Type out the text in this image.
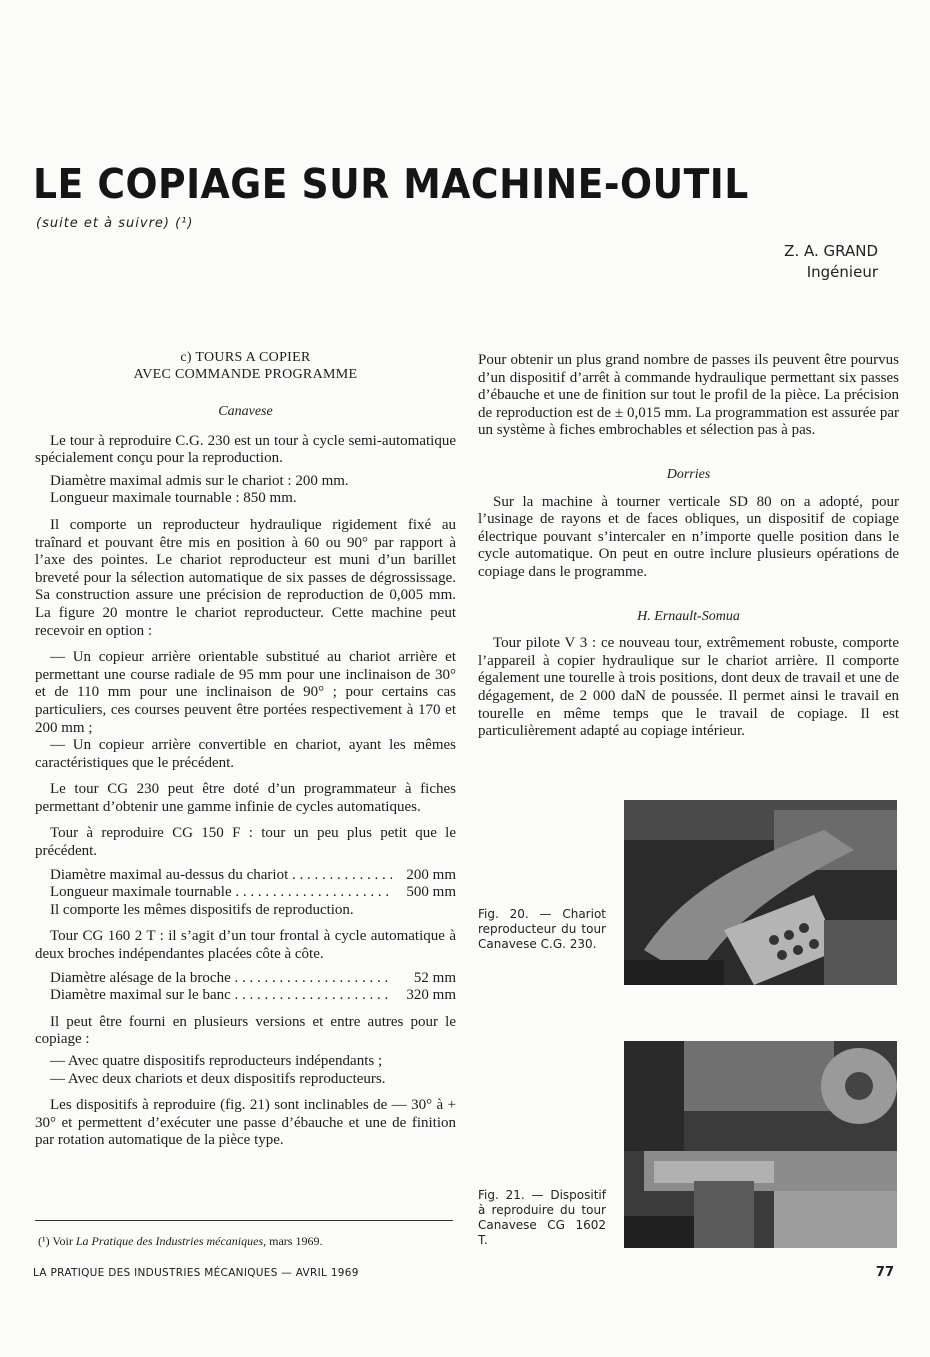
LE COPIAGE SUR MACHINE-OUTIL
(suite et à suivre) (¹)
Z. A. GRAND
Ingénieur

c) TOURS A COPIER
AVEC COMMANDE PROGRAMME

Canavese

Le tour à reproduire C.G. 230 est un tour à cycle semi-automatique spécialement conçu pour la reproduction.

Diamètre maximal admis sur le chariot : 200 mm.

Longueur maximale tournable : 850 mm.

Il comporte un reproducteur hydraulique rigidement fixé au traînard et pouvant être mis en position à 60 ou 90° par rapport à l’axe des pointes. Le chariot reproducteur est muni d’un barillet breveté pour la sélection automatique de six passes de dégrossissage. Sa construction assure une précision de reproduction de 0,005 mm. La figure 20 montre le chariot reproducteur. Cette machine peut recevoir en option :

— Un copieur arrière orientable substitué au chariot arrière et permettant une course radiale de 95 mm pour une inclinaison de 30° et de 110 mm pour une inclinaison de 90° ; pour certains cas particuliers, ces courses peuvent être portées respectivement à 170 et 200 mm ;

— Un copieur arrière convertible en chariot, ayant les mêmes caractéristiques que le précédent.

Le tour CG 230 peut être doté d’un programmateur à fiches permettant d’obtenir une gamme infinie de cycles automatiques.

Tour à reproduire CG 150 F : tour un peu plus petit que le précédent.

Diamètre maximal au-dessus du chariot . . .	200 mm
Longueur maximale tournable . . .	500 mm

Il comporte les mêmes dispositifs de reproduction.

Tour CG 160 2 T : il s’agit d’un tour frontal à cycle automatique à deux broches indépendantes placées côte à côte.

Diamètre alésage de la broche . . .	52 mm
Diamètre maximal sur le banc . . .	320 mm

Il peut être fourni en plusieurs versions et entre autres pour le copiage :

— Avec quatre dispositifs reproducteurs indépendants ;

— Avec deux chariots et deux dispositifs reproducteurs.

Les dispositifs à reproduire (fig. 21) sont inclinables de — 30° à + 30° et permettent d’exécuter une passe d’ébauche et une de finition par rotation automatique de la pièce type.

Pour obtenir un plus grand nombre de passes ils peuvent être pourvus d’un dispositif d’arrêt à commande hydraulique permettant six passes d’ébauche et une de finition sur tout le profil de la pièce. La précision de reproduction est de ± 0,015 mm. La programmation est assurée par un système à fiches embrochables et sélection pas à pas.

Dorries

Sur la machine à tourner verticale SD 80 on a adopté, pour l’usinage de rayons et de faces obliques, un dispositif de copiage électrique pouvant s’intercaler en n’importe quelle position dans le cycle automatique. On peut en outre inclure plusieurs opérations de copiage dans le programme.

H. Ernault-Somua

Tour pilote V 3 : ce nouveau tour, extrêmement robuste, comporte l’appareil à copier hydraulique sur le chariot arrière. Il comporte également une tourelle à trois positions, dont deux de travail et une de dégagement, de 2 000 daN de poussée. Il permet ainsi le travail en tourelle en même temps que le travail de copiage. Il est particulièrement adapté au copiage intérieur.

Fig. 20. — Chariot reproducteur du tour Canavese C.G. 230.
Fig. 21. — Dispositif à reproduire du tour Canavese CG 1602 T.
(¹) Voir La Pratique des Industries mécaniques, mars 1969.
LA PRATIQUE DES INDUSTRIES MÉCANIQUES — AVRIL 1969	77
